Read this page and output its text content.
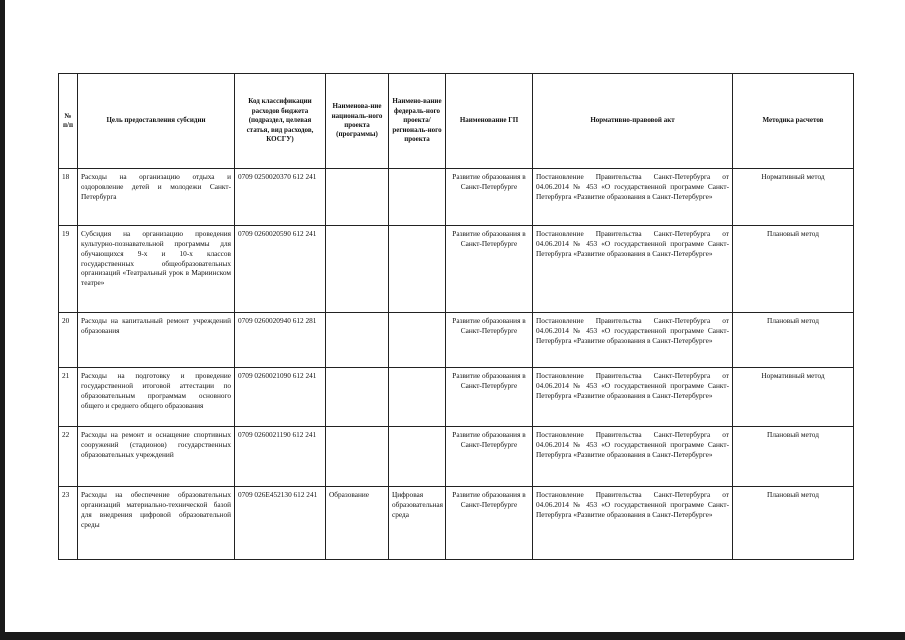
№ п/п	Цель предоставления субсидии	Код классификации расходов бюджета (подраздел, целевая статья, вид расходов, КОСГУ)	Наименова-ние националь-ного проекта (программы)	Наимено-вание федераль-ного проекта/ региональ-ного проекта	Наименование ГП	Нормативно-правовой акт	Методика расчетов
18	Расходы на организацию отдыха и оздоровление детей и молодежи Санкт-Петербурга	0709 0250020370 612 241			Развитие образования в Санкт-Петербурге	Постановление Правительства Санкт-Петербурга от 04.06.2014 № 453 «О государственной программе Санкт-Петербурга «Развитие образования в Санкт-Петербурге»	Нормативный метод
19	Субсидия на организацию проведения культурно-познавательной программы для обучающихся 9-х и 10-х классов государственных общеобразовательных организаций «Театральный урок в Мариинском театре»	0709 0260020590 612 241			Развитие образования в Санкт-Петербурге	Постановление Правительства Санкт-Петербурга от 04.06.2014 № 453 «О государственной программе Санкт-Петербурга «Развитие образования в Санкт-Петербурге»	Плановый метод
20	Расходы на капитальный ремонт учреждений образования	0709 0260020940 612 281			Развитие образования в Санкт-Петербурге	Постановление Правительства Санкт-Петербурга от 04.06.2014 № 453 «О государственной программе Санкт-Петербурга «Развитие образования в Санкт-Петербурге»	Плановый метод
21	Расходы на подготовку и проведение государственной итоговой аттестации по образовательным программам основного общего и среднего общего образования	0709 0260021090 612 241			Развитие образования в Санкт-Петербурге	Постановление Правительства Санкт-Петербурга от 04.06.2014 № 453 «О государственной программе Санкт-Петербурга «Развитие образования в Санкт-Петербурге»	Нормативный метод
22	Расходы на ремонт и оснащение спортивных сооружений (стадионов) государственных образовательных учреждений	0709 0260021190 612 241			Развитие образования в Санкт-Петербурге	Постановление Правительства Санкт-Петербурга от 04.06.2014 № 453 «О государственной программе Санкт-Петербурга «Развитие образования в Санкт-Петербурге»	Плановый метод
23	Расходы на обеспечение образовательных организаций материально-технической базой для внедрения цифровой образовательной среды	0709 026E452130 612 241	Образование	Цифровая образовательная среда	Развитие образования в Санкт-Петербурге	Постановление Правительства Санкт-Петербурга от 04.06.2014 № 453 «О государственной программе Санкт-Петербурга «Развитие образования в Санкт-Петербурге»	Плановый метод
